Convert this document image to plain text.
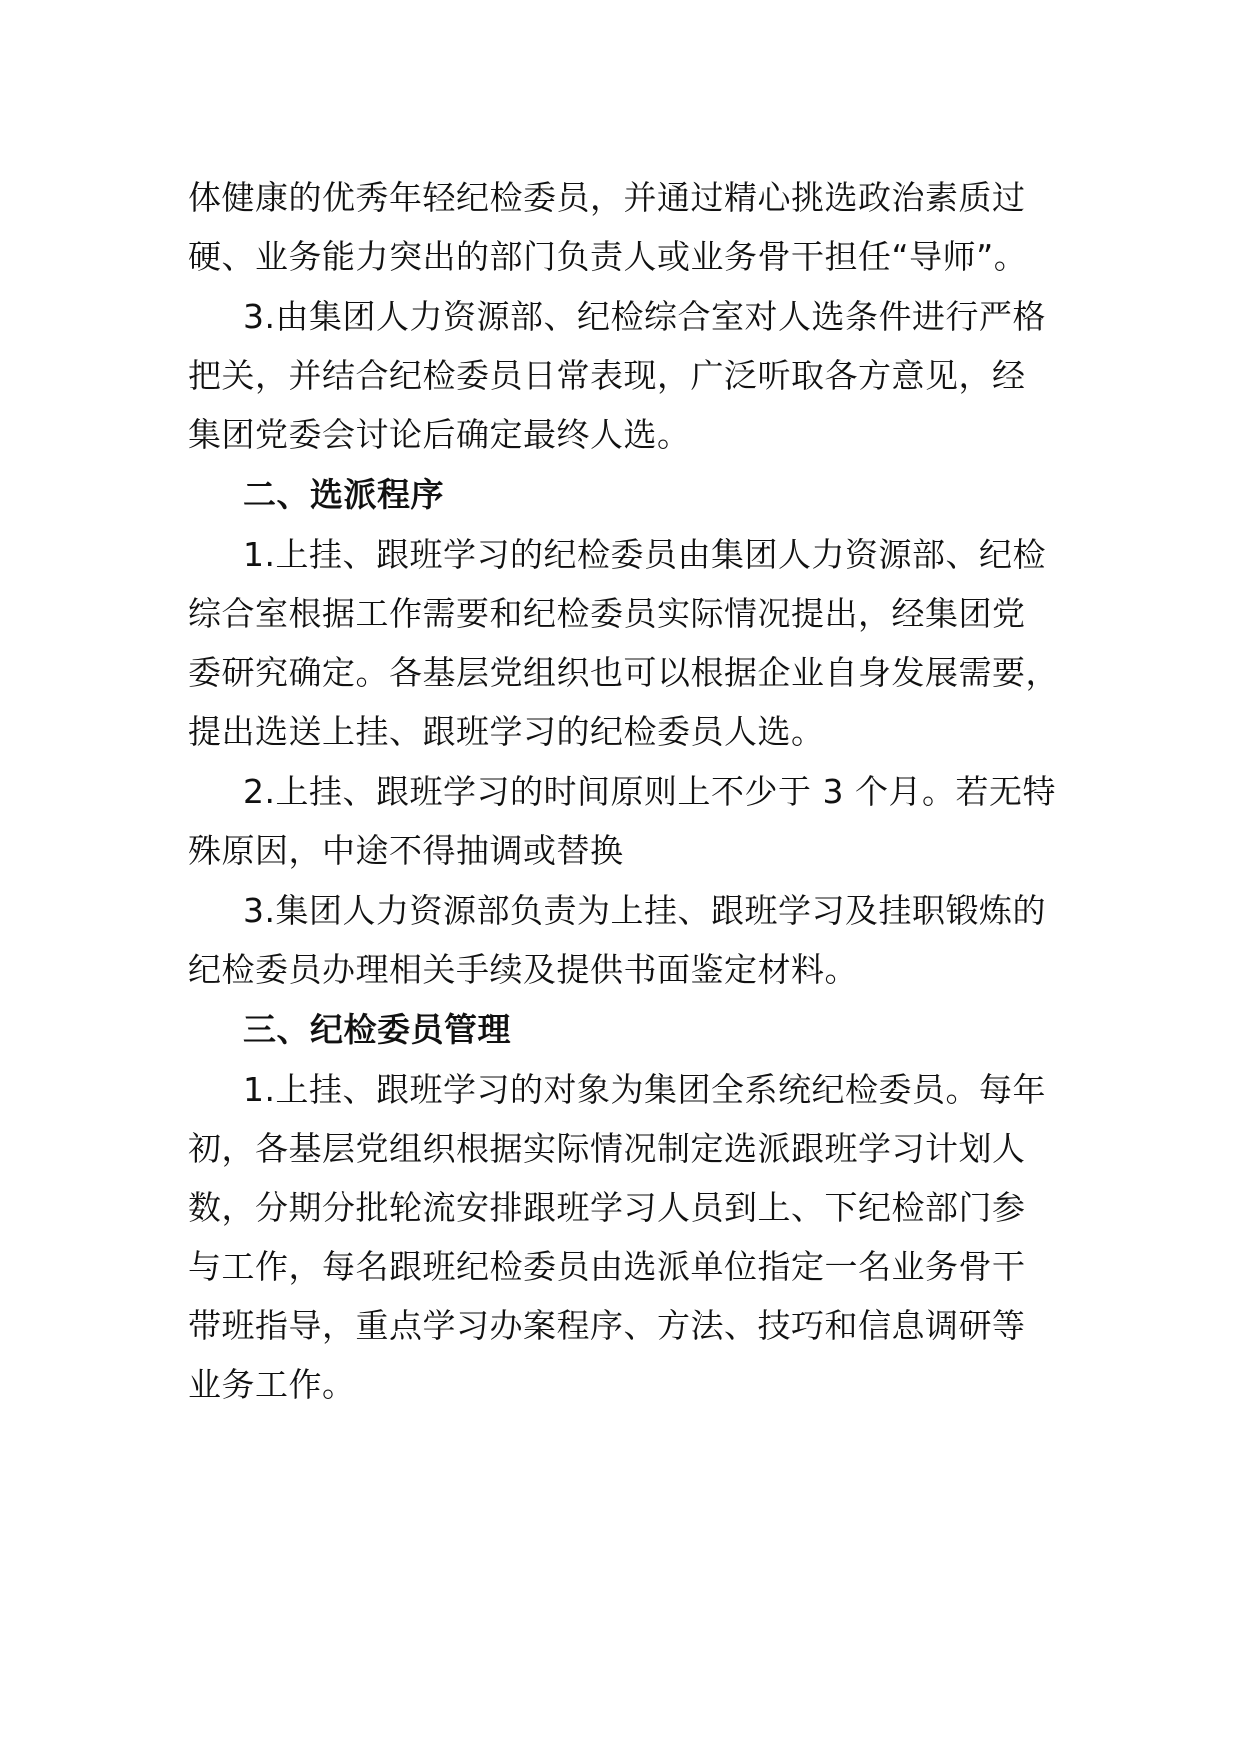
体健康的优秀年轻纪检委员，并通过精心挑选政治素质过
硬、业务能力突出的部门负责人或业务骨干担任“导师”。
3.由集团人力资源部、纪检综合室对人选条件进行严格
把关，并结合纪检委员日常表现，广泛听取各方意见，经
集团党委会讨论后确定最终人选。
二、选派程序
1.上挂、跟班学习的纪检委员由集团人力资源部、纪检
综合室根据工作需要和纪检委员实际情况提出，经集团党
委研究确定。各基层党组织也可以根据企业自身发展需要，
提出选送上挂、跟班学习的纪检委员人选。
2.上挂、跟班学习的时间原则上不少于 3 个月。若无特
殊原因，中途不得抽调或替换
3.集团人力资源部负责为上挂、跟班学习及挂职锻炼的
纪检委员办理相关手续及提供书面鉴定材料。
三、纪检委员管理
1.上挂、跟班学习的对象为集团全系统纪检委员。每年
初，各基层党组织根据实际情况制定选派跟班学习计划人
数，分期分批轮流安排跟班学习人员到上、下纪检部门参
与工作，每名跟班纪检委员由选派单位指定一名业务骨干
带班指导，重点学习办案程序、方法、技巧和信息调研等
业务工作。
